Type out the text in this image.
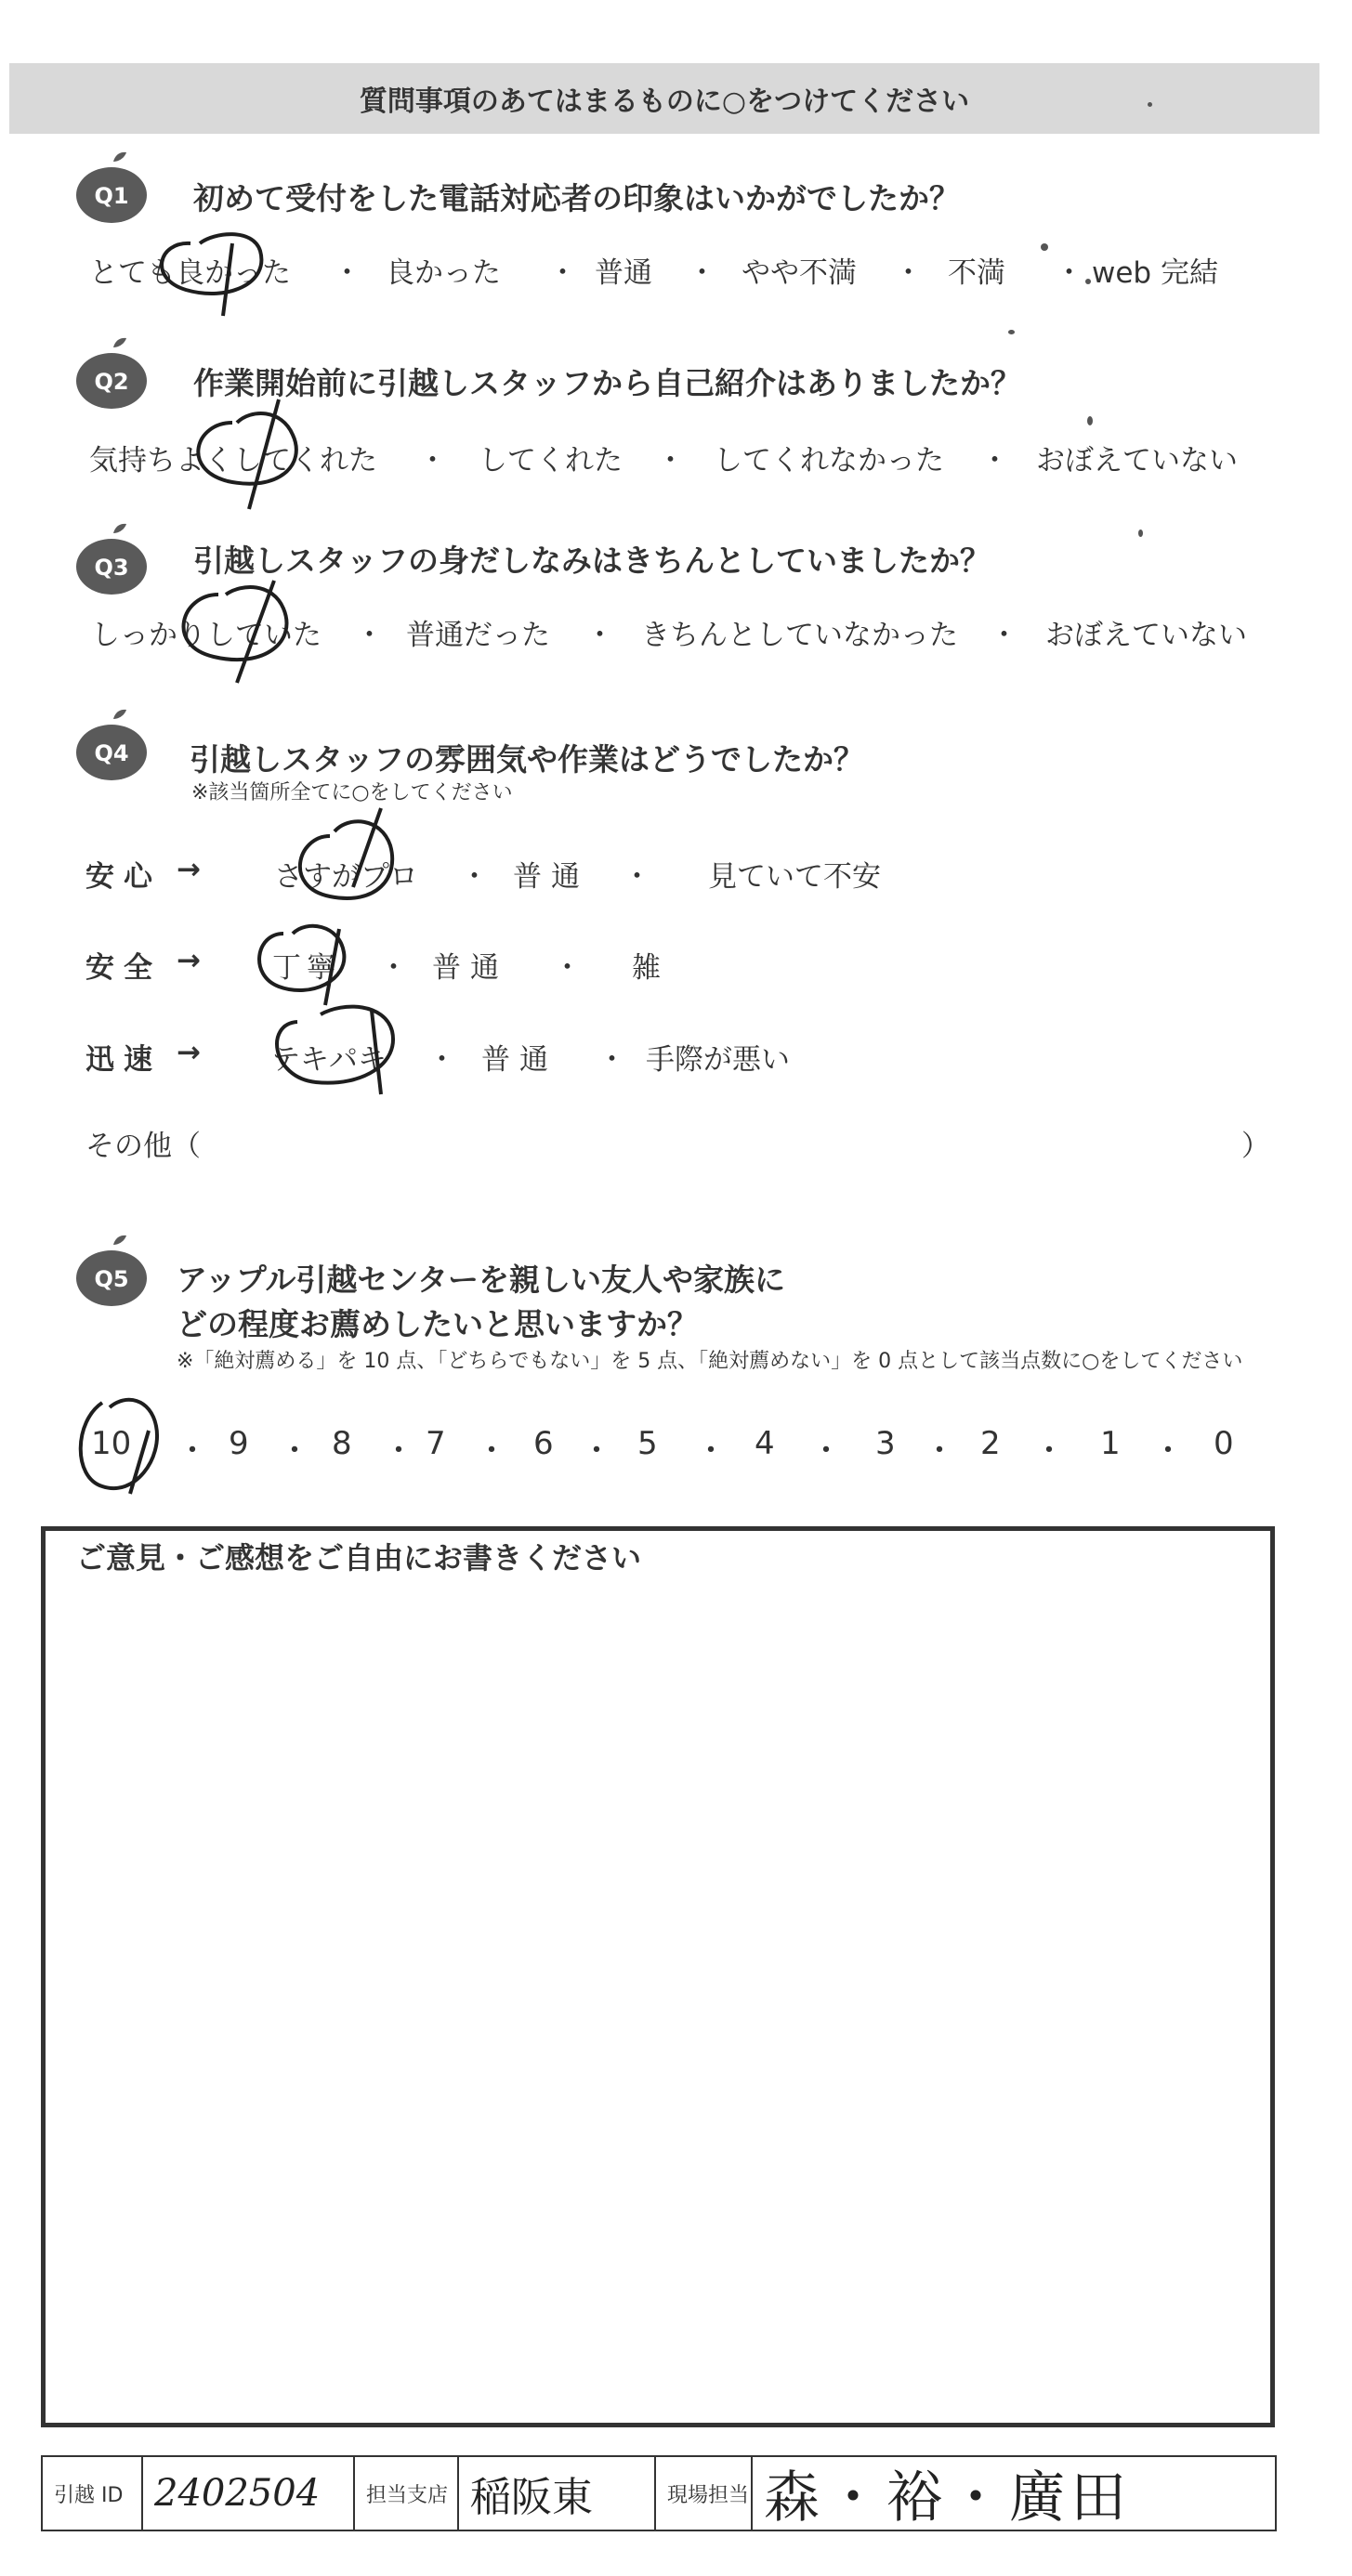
質問事項のあてはまるものに○をつけてください
Q1 初めて受付をした電話対応者の印象はいかがでしたか？
とても良かった ・ 良かった ・ 普通 ・ やや不満 ・ 不満 ・ web 完結
Q2 作業開始前に引越しスタッフから自己紹介はありましたか？
気持ちよくしてくれた ・ してくれた ・ してくれなかった ・ おぼえていない
Q3 引越しスタッフの身だしなみはきちんとしていましたか？
しっかりしていた ・ 普通だった ・ きちんとしていなかった ・ おぼえていない
Q4 引越しスタッフの雰囲気や作業はどうでしたか？
※該当箇所全てに○をしてください
安心 →	さすがプロ ・ 普通 ・ 見ていて不安
安全 → 丁寧 ・ 普通 ・ 雑
迅速 → テキパキ ・ 普通 ・ 手際が悪い
その他（	）
Q5 アップル引越センターを親しい友人や家族に
どの程度お薦めしたいと思いますか？
※「絶対薦める」を 10 点、「どちらでもない」を 5 点、「絶対薦めない」を 0 点として該当点数に○をしてください
10 ・ 9 ・ 8 ・ 7 ・ 6 ・ 5 ・ 4 ・ 3 ・ 2 ・ 1 ・ 0
ご意見・ご感想をご自由にお書きください
引越 ID 2402504	担当支店 稲阪東	現場担当 森・裕・廣田
